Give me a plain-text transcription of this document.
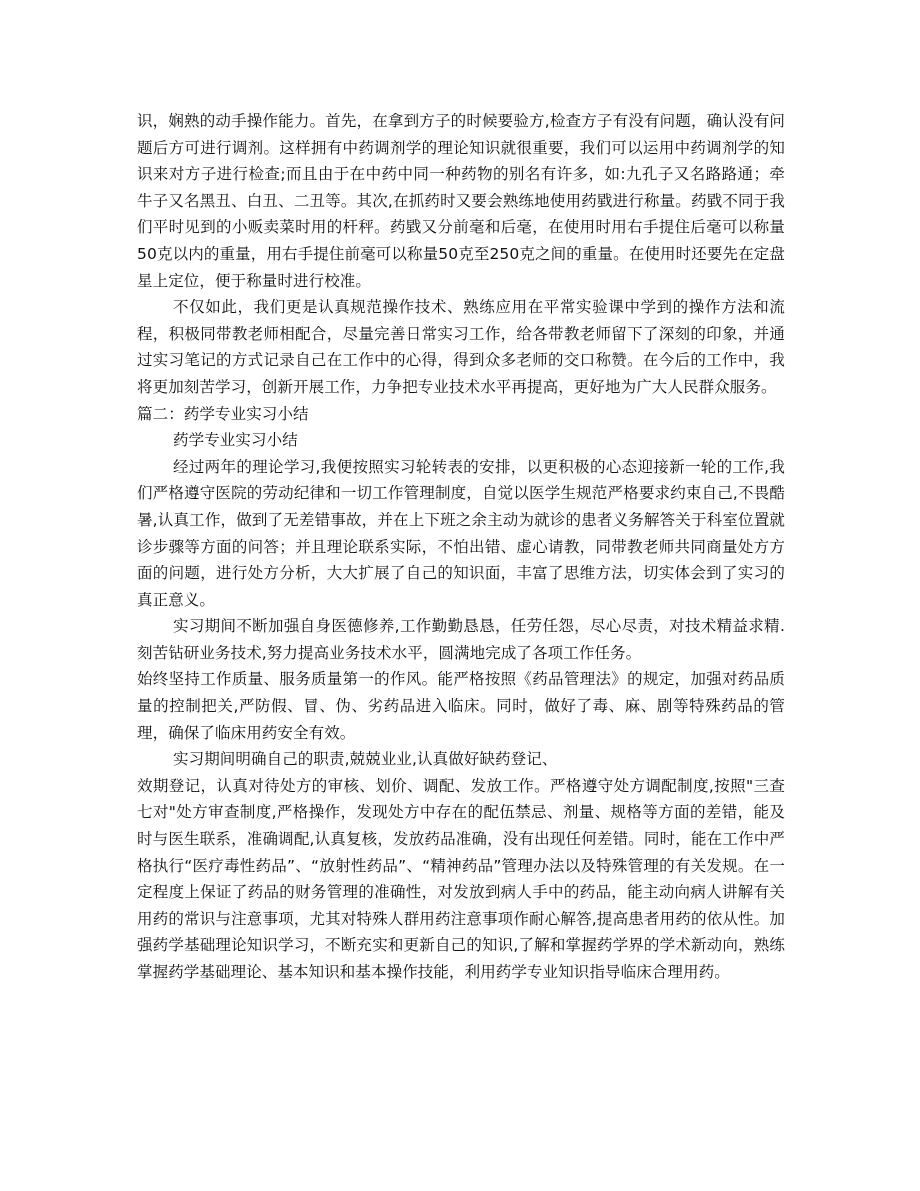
识，娴熟的动手操作能力。首先，在拿到方子的时候要验方,检查方子有没有问题，确认没有问题后方可进行调剂。这样拥有中药调剂学的理论知识就很重要，我们可以运用中药调剂学的知识来对方子进行检查;而且由于在中药中同一种药物的别名有许多，如:九孔子又名路路通；牵牛子又名黑丑、白丑、二丑等。其次,在抓药时又要会熟练地使用药戥进行称量。药戥不同于我们平时见到的小贩卖菜时用的杆秤。药戥又分前毫和后毫，在使用时用右手提住后毫可以称量50克以内的重量，用右手提住前毫可以称量50克至250克之间的重量。在使用时还要先在定盘星上定位，便于称量时进行校准。

不仅如此，我们更是认真规范操作技术、熟练应用在平常实验课中学到的操作方法和流程，积极同带教老师相配合，尽量完善日常实习工作，给各带教老师留下了深刻的印象，并通过实习笔记的方式记录自己在工作中的心得，得到众多老师的交口称赞。在今后的工作中，我将更加刻苦学习，创新开展工作，力争把专业技术水平再提高，更好地为广大人民群众服务。

篇二：药学专业实习小结

药学专业实习小结

经过两年的理论学习,我便按照实习轮转表的安排，以更积极的心态迎接新一轮的工作,我们严格遵守医院的劳动纪律和一切工作管理制度，自觉以医学生规范严格要求约束自己,不畏酷暑,认真工作，做到了无差错事故，并在上下班之余主动为就诊的患者义务解答关于科室位置就诊步骤等方面的问答；并且理论联系实际，不怕出错、虚心请教，同带教老师共同商量处方方面的问题，进行处方分析，大大扩展了自己的知识面，丰富了思维方法，切实体会到了实习的真正意义。

实习期间不断加强自身医德修养,工作勤勤恳恳，任劳任怨，尽心尽责，对技术精益求精. 刻苦钻研业务技术,努力提高业务技术水平，圆满地完成了各项工作任务。

始终坚持工作质量、服务质量第一的作风。能严格按照《药品管理法》的规定，加强对药品质量的控制把关,严防假、冒、伪、劣药品进入临床。同时，做好了毒、麻、剧等特殊药品的管理，确保了临床用药安全有效。

实习期间明确自己的职责,兢兢业业,认真做好缺药登记、

效期登记，认真对待处方的审核、划价、调配、发放工作。严格遵守处方调配制度,按照"三查七对"处方审查制度,严格操作，发现处方中存在的配伍禁忌、剂量、规格等方面的差错，能及时与医生联系，准确调配,认真复核，发放药品准确，没有出现任何差错。同时，能在工作中严格执行“医疗毒性药品”、“放射性药品”、“精神药品”管理办法以及特殊管理的有关发规。在一定程度上保证了药品的财务管理的准确性，对发放到病人手中的药品，能主动向病人讲解有关用药的常识与注意事项，尤其对特殊人群用药注意事项作耐心解答,提高患者用药的依从性。加强药学基础理论知识学习，不断充实和更新自己的知识,了解和掌握药学界的学术新动向，熟练掌握药学基础理论、基本知识和基本操作技能，利用药学专业知识指导临床合理用药。
